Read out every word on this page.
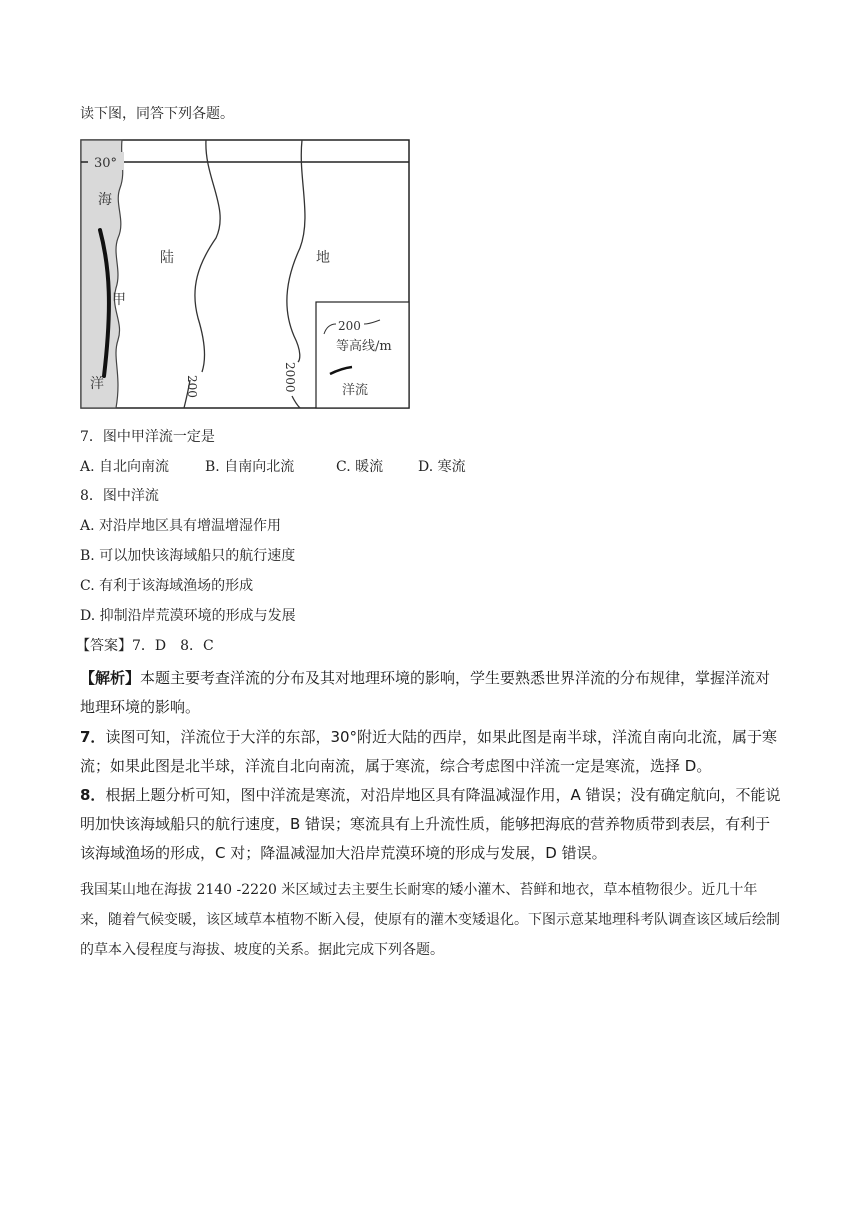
读下图，同答下列各题。
30°
海
甲
洋	200	2000
陆	地
200
等高线/m
洋流
7．图中甲洋流一定是
A. 自北向南流	B. 自南向北流	C. 暖流 D. 寒流
8．图中洋流
A. 对沿岸地区具有增温增湿作用
B. 可以加快该海域船只的航行速度
C. 有利于该海域渔场的形成
D. 抑制沿岸荒漠环境的形成与发展
【答案】7．D　8．C
【解析】本题主要考查洋流的分布及其对地理环境的影响，学生要熟悉世界洋流的分布规律，掌握洋流对地理环境的影响。
7．读图可知，洋流位于大洋的东部，30°附近大陆的西岸，如果此图是南半球，洋流自南向北流，属于寒流；如果此图是北半球，洋流自北向南流，属于寒流，综合考虑图中洋流一定是寒流，选择 D。
8．根据上题分析可知，图中洋流是寒流，对沿岸地区具有降温减湿作用，A 错误；没有确定航向，不能说明加快该海域船只的航行速度，B 错误；寒流具有上升流性质，能够把海底的营养物质带到表层，有利于该海域渔场的形成，C 对；降温减湿加大沿岸荒漠环境的形成与发展，D 错误。
我国某山地在海拔 2140 -2220 米区域过去主要生长耐寒的矮小灌木、苔鲜和地衣，草本植物很少。近几十年来，随着气候变暖，该区域草本植物不断入侵，使原有的灌木变矮退化。下图示意某地理科考队调查该区域后绘制的草本入侵程度与海拔、坡度的关系。据此完成下列各题。
